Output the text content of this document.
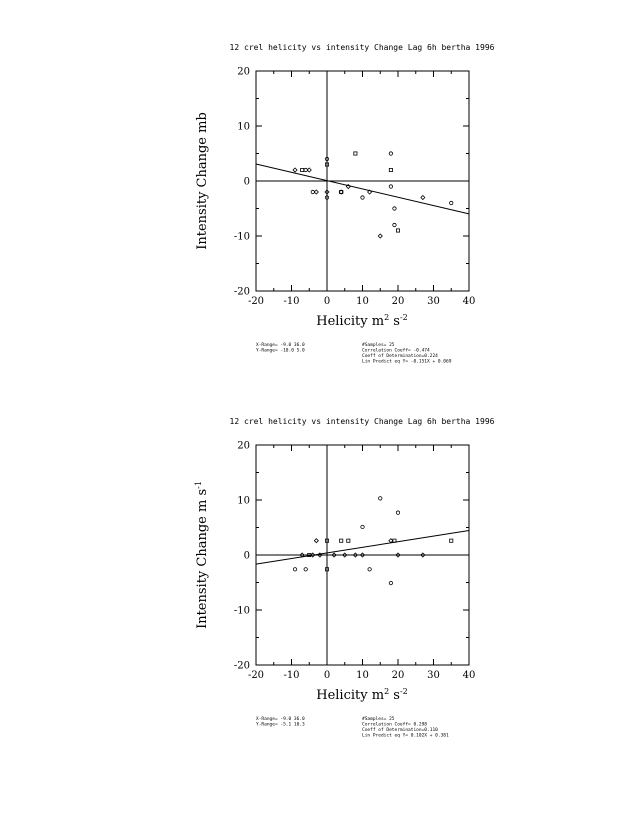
12 crel helicity vs intensity Change Lag 6h bertha 1996
-20 -10 0	10 20 30 40
20
10
0
-10
-20
Helicity $m^2$ $s^{-2}$
Intensity Change mb
X-Range= -9.0 36.0
Y-Range= -10.0 5.0
#Samples= 25
Correlation Coeff= -0.474
Coeff of Determination=0.224
Lin Predict eq Y= -0.151X + 0.069
12 crel helicity vs intensity Change Lag 6h bertha 1996
-20 -10 0	10 20 30 40
20
10
0
-10
-20
Helicity $m^2$ $s^{-2}$
Intensity Change m $s^{-1}$
X-Range= -9.0 36.0
Y-Range= -5.1 10.3
#Samples= 25
Correlation Coeff= 0.298
Coeff of Determination=0.110
Lin Predict eq Y= 0.102X + 0.381
